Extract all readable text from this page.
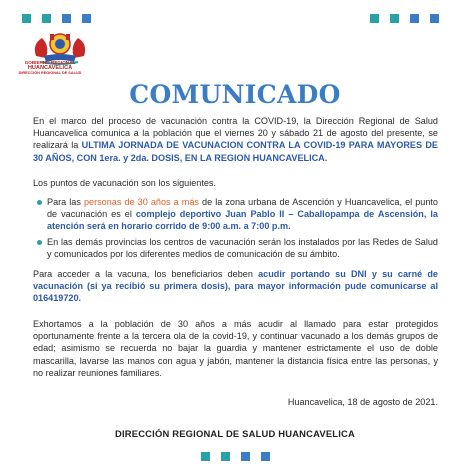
GOBIERNO REGIONAL
HUANCAVELICA
DIRECCIÓN REGIONAL DE SALUD
COMUNICADO
En el marco del proceso de vacunación contra la COVID-19, la Dirección Regional de Salud Huancavelica comunica a la población que el viernes 20 y sábado 21 de agosto del presente, se realizará la ULTIMA JORNADA DE VACUNACION CONTRA LA COVID-19 PARA MAYORES DE 30 AÑOS, CON 1era. y 2da. DOSIS, EN LA REGION HUANCAVELICA.
Los puntos de vacunación son los siguientes.
Para las personas de 30 años a más de la zona urbana de Ascención y Huancavelica, el punto de vacunación es el complejo deportivo Juan Pablo II – Caballopampa de Ascensión, la atención será en horario corrido de 9:00 a.m. a 7:00 p.m.
En las demás provincias los centros de vacunación serán los instalados por las Redes de Salud y comunicados por los diferentes medios de comunicación de su ámbito.
Para acceder a la vacuna, los beneficiarios deben acudir portando su DNI y su carné de vacunación (si ya recibió su primera dosis), para mayor información pude comunicarse al 016419720.
Exhortamos a la población de 30 años a más acudir al llamado para estar protegidos oportunamente frente a la tercera ola de la covid-19, y continuar vacunado a los demás grupos de edad; asimismo se recuerda no bajar la guardia y mantener estrictamente el uso de doble mascarilla, lavarse las manos con agua y jabón, mantener la distancia física entre las personas, y no realizar reuniones familiares.
Huancavelica, 18 de agosto de 2021.
DIRECCIÓN REGIONAL DE SALUD HUANCAVELICA
